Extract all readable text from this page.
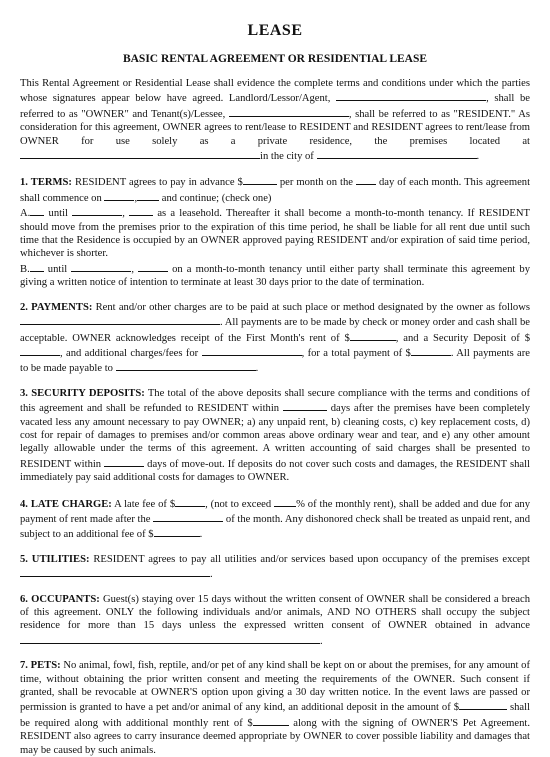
LEASE
BASIC RENTAL AGREEMENT OR RESIDENTIAL LEASE

This Rental Agreement or Residential Lease shall evidence the complete terms and conditions under which the parties whose signatures appear below have agreed. Landlord/Lessor/Agent,	, shall be referred to as "OWNER" and Tenant(s)/Lessee,	, shall be referred to as "RESIDENT." As consideration for this agreement, OWNER agrees to rent/lease to RESIDENT and RESIDENT agrees to rent/lease from OWNER for use solely as a private residence, the premises located at in the city of	.

1. TERMS: RESIDENT agrees to pay in advance $	per month on the  day of each month. This agreement shall commence on	, and continue; (check one)
A. until	,	as a leasehold. Thereafter it shall become a month-to-month tenancy. If RESIDENT should move from the premises prior to the expiration of this time period, he shall be liable for all rent due until such time that the Residence is occupied by an OWNER approved paying RESIDENT and/or expiration of said time period, whichever is shorter.
B. until	,	on a month-to-month tenancy until either party shall terminate this agreement by giving a written notice of intention to terminate at least 30 days prior to the date of termination.

2. PAYMENTS: Rent and/or other charges are to be paid at such place or method designated by the owner as follows . All payments are to be made by check or money order and cash shall be acceptable. OWNER acknowledges receipt of the First Month's rent of $	, and a Security Deposit of $, and additional charges/fees for	, for a total payment of $	. All payments are to be made payable to	.

3. SECURITY DEPOSITS: The total of the above deposits shall secure compliance with the terms and conditions of this agreement and shall be refunded to RESIDENT within	days after the premises have been completely vacated less any amount necessary to pay OWNER; a) any unpaid rent, b) cleaning costs, c) key replacement costs, d) cost for repair of damages to premises and/or common areas above ordinary wear and tear, and e) any other amount legally allowable under the terms of this agreement. A written accounting of said charges shall be presented to RESIDENT within	days of move-out. If deposits do not cover such costs and damages, the RESIDENT shall immediately pay said additional costs for damages to OWNER.

4. LATE CHARGE: A late fee of $	, (not to exceed % of the monthly rent), shall be added and due for any payment of rent made after the	of the month. Any dishonored check shall be treated as unpaid rent, and subject to an additional fee of $	.

5. UTILITIES: RESIDENT agrees to pay all utilities and/or services based upon occupancy of the premises except .

6. OCCUPANTS: Guest(s) staying over 15 days without the written consent of OWNER shall be considered a breach of this agreement. ONLY the following individuals and/or animals, AND NO OTHERS shall occupy the subject residence for more than 15 days unless the expressed written consent of OWNER obtained in advance .

7. PETS: No animal, fowl, fish, reptile, and/or pet of any kind shall be kept on or about the premises, for any amount of time, without obtaining the prior written consent and meeting the requirements of the OWNER. Such consent if granted, shall be revocable at OWNER'S option upon giving a 30 day written notice. In the event laws are passed or permission is granted to have a pet and/or animal of any kind, an additional deposit in the amount of $	shall be required along with additional monthly rent of $	along with the signing of OWNER'S Pet Agreement. RESIDENT also agrees to carry insurance deemed appropriate by OWNER to cover possible liability and damages that may be caused by such animals.
